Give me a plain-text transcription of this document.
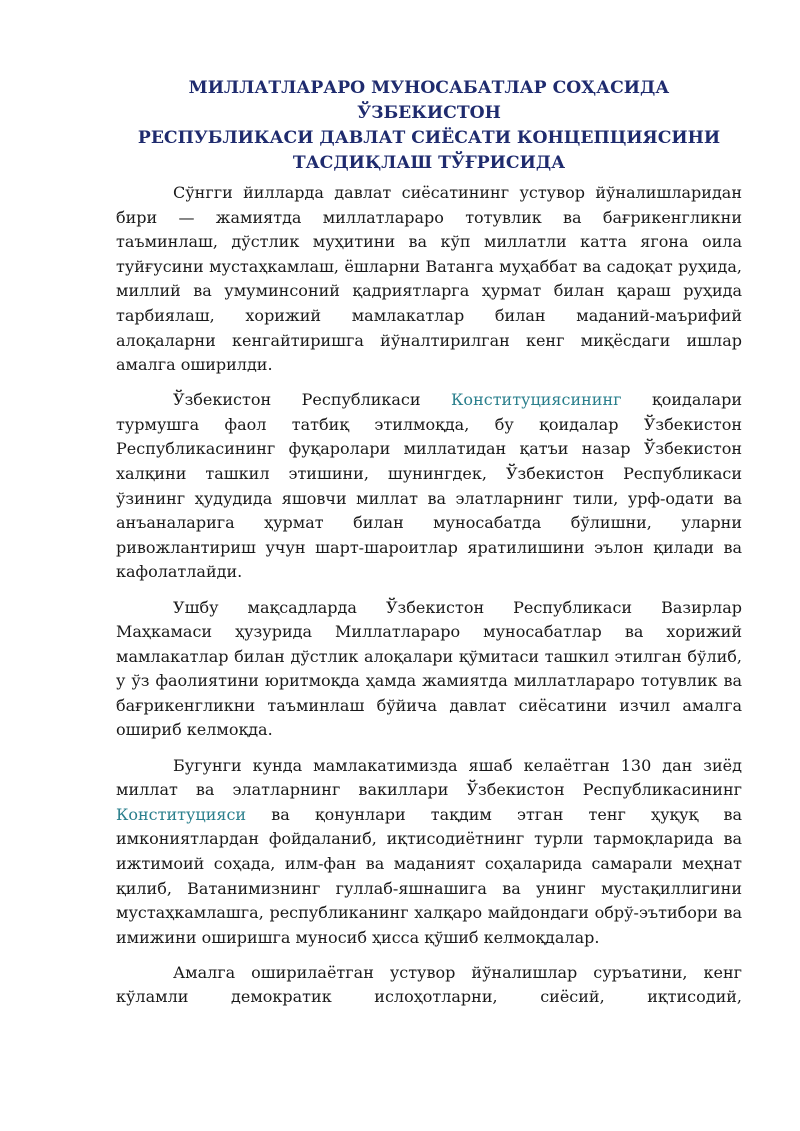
МИЛЛАТЛАРАРО МУНОСАБАТЛАР СОҲАСИДА ЎЗБЕКИСТОН
РЕСПУБЛИКАСИ ДАВЛАТ СИЁСАТИ КОНЦЕПЦИЯСИНИ
ТАСДИҚЛАШ ТЎҒРИСИДА

Сўнгги йилларда давлат сиёсатининг устувор йўналишларидан бири — жамиятда миллатлараро тотувлик ва бағрикенгликни таъминлаш, дўстлик муҳитини ва кўп миллатли катта ягона оила туйғусини мустаҳкамлаш, ёшларни Ватанга муҳаббат ва садоқат руҳида, миллий ва умуминсоний қадриятларга ҳурмат билан қараш руҳида тарбиялаш, хорижий мамлакатлар билан маданий-маърифий алоқаларни кенгайтиришга йўналтирилган кенг миқёсдаги ишлар амалга оширилди.

Ўзбекистон Республикаси Конституциясининг қоидалари турмушга фаол татбиқ этилмоқда, бу қоидалар Ўзбекистон Республикасининг фуқаролари миллатидан қатъи назар Ўзбекистон халқини ташкил этишини, шунингдек, Ўзбекистон Республикаси ўзининг ҳудудида яшовчи миллат ва элатларнинг тили, урф-одати ва анъаналарига ҳурмат билан муносабатда бўлишни, уларни ривожлантириш учун шарт-шароитлар яратилишини эълон қилади ва кафолатлайди.

Ушбу мақсадларда Ўзбекистон Республикаси Вазирлар Маҳкамаси ҳузурида Миллатлараро муносабатлар ва хорижий мамлакатлар билан дўстлик алоқалари қўмитаси ташкил этилган бўлиб, у ўз фаолиятини юритмоқда ҳамда жамиятда миллатлараро тотувлик ва бағрикенгликни таъминлаш бўйича давлат сиёсатини изчил амалга ошириб келмоқда.

Бугунги кунда мамлакатимизда яшаб келаётган 130 дан зиёд миллат ва элатларнинг вакиллари Ўзбекистон Республикасининг Конституцияси ва қонунлари тақдим этган тенг ҳуқуқ ва имкониятлардан фойдаланиб, иқтисодиётнинг турли тармоқларида ва ижтимоий соҳада, илм-фан ва маданият соҳаларида самарали меҳнат қилиб, Ватанимизнинг гуллаб-яшнашига ва унинг мустақиллигини мустаҳкамлашга, республиканинг халқаро майдондаги обрў-эътибори ва имижини оширишга муносиб ҳисса қўшиб келмоқдалар.

Амалга оширилаётган устувор йўналишлар суръатини, кенг кўламли демократик ислоҳотларни, сиёсий, иқтисодий,
